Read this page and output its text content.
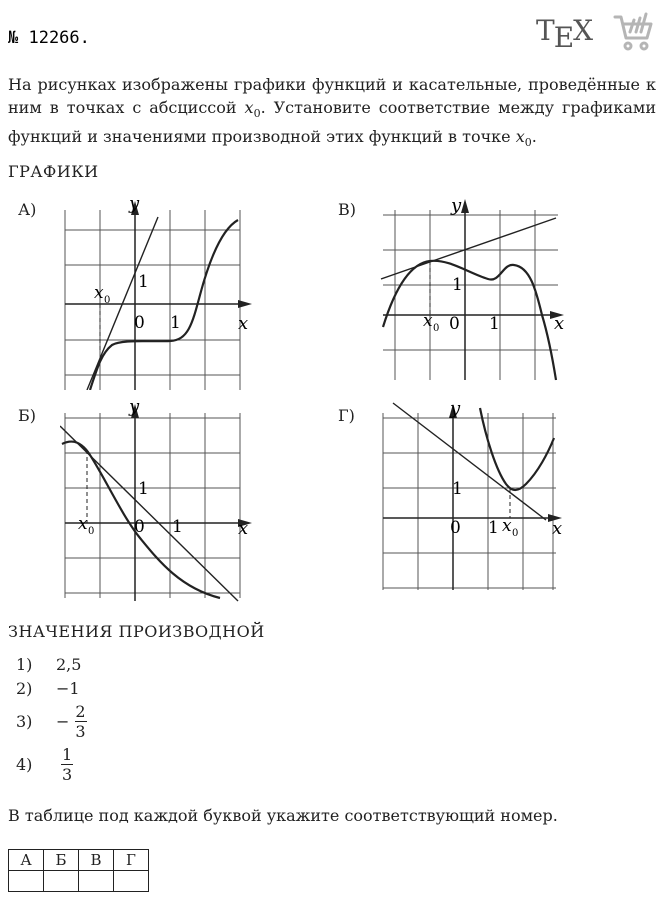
№ 12266.	TEX
На рисунках изображены графики функций и касательные, проведённые к ним в точках с абсциссой $x_0$. Установите соответствие между графиками функций и значениями производной этих функций в точке $x_0$.
ГРАФИКИ
А)	В)
Б)	Г)
y
x
0 1
1
x 0
y
x
0 1
1
x 0
y
x
0 1
1
x 0
y
x
0 1
1
x 0
ЗНАЧЕНИЯ ПРОИЗВОДНОЙ
1) 2,5
2) −1
$3) - \frac{2}{3}$
$4) \frac{1}{3}$
В таблице под каждой буквой укажите соответствующий номер.
А	Б	В	Г
